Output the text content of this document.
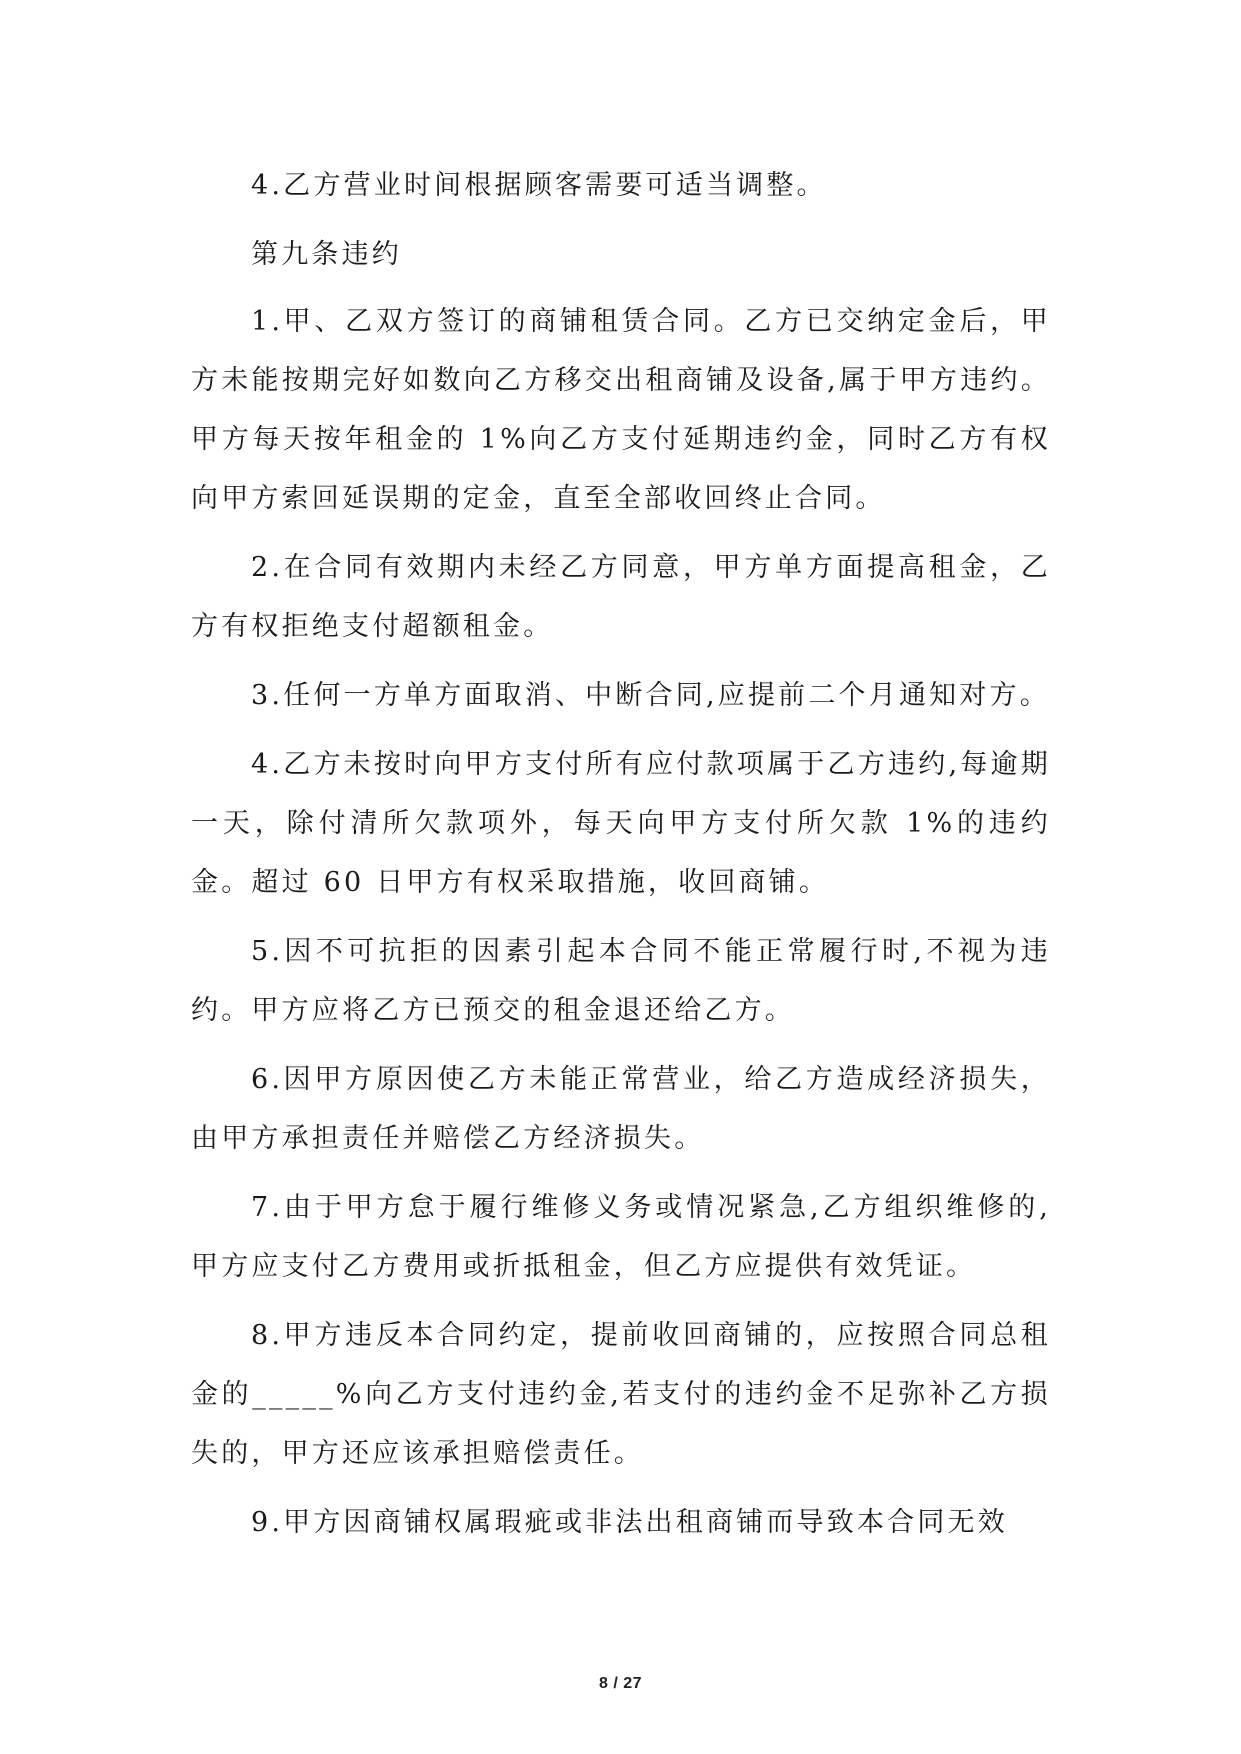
4.乙方营业时间根据顾客需要可适当调整。

第九条违约

1.甲、乙双方签订的商铺租赁合同。乙方已交纳定金后，甲方未能按期完好如数向乙方移交出租商铺及设备,属于甲方违约。甲方每天按年租金的 1%向乙方支付延期违约金，同时乙方有权向甲方索回延误期的定金，直至全部收回终止合同。

2.在合同有效期内未经乙方同意，甲方单方面提高租金，乙方有权拒绝支付超额租金。

3.任何一方单方面取消、中断合同,应提前二个月通知对方。

4.乙方未按时向甲方支付所有应付款项属于乙方违约,每逾期一天，除付清所欠款项外，每天向甲方支付所欠款 1%的违约金。超过 60 日甲方有权采取措施，收回商铺。

5.因不可抗拒的因素引起本合同不能正常履行时,不视为违约。甲方应将乙方已预交的租金退还给乙方。

6.因甲方原因使乙方未能正常营业，给乙方造成经济损失，由甲方承担责任并赔偿乙方经济损失。

7.由于甲方怠于履行维修义务或情况紧急,乙方组织维修的,甲方应支付乙方费用或折抵租金，但乙方应提供有效凭证。

8.甲方违反本合同约定，提前收回商铺的，应按照合同总租金的_____%向乙方支付违约金,若支付的违约金不足弥补乙方损失的，甲方还应该承担赔偿责任。

9.甲方因商铺权属瑕疵或非法出租商铺而导致本合同无效

8 / 27
